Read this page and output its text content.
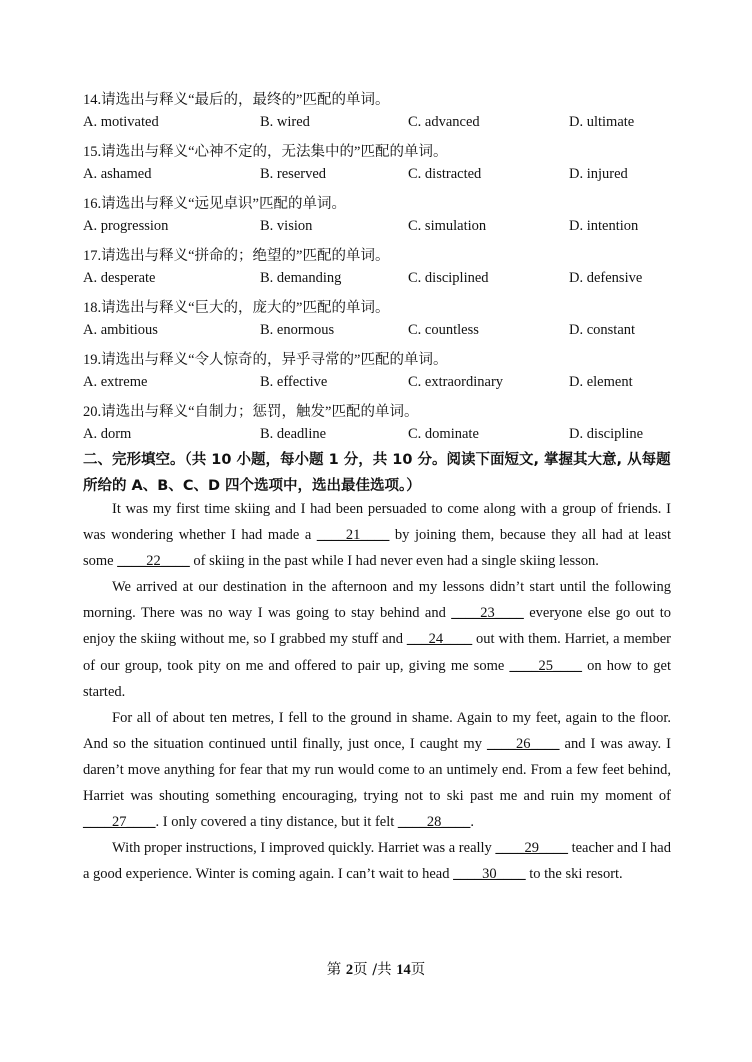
14.请选出与释义“最后的，最终的”匹配的单词。
A. motivated	B. wired	C. advanced	D. ultimate
15.请选出与释义“心神不定的，无法集中的”匹配的单词。
A. ashamed	B. reserved	C. distracted	D. injured
16.请选出与释义“远见卓识”匹配的单词。
A. progression	B. vision	C. simulation	D. intention
17.请选出与释义“拼命的；绝望的”匹配的单词。
A. desperate	B. demanding	C. disciplined	D. defensive
18.请选出与释义“巨大的，庞大的”匹配的单词。
A. ambitious	B. enormous	C. countless	D. constant
19.请选出与释义“令人惊奇的，异乎寻常的”匹配的单词。
A. extreme	B. effective	C. extraordinary	D. element
20.请选出与释义“自制力；惩罚，触发”匹配的单词。
A. dorm	B. deadline	C. dominate	D. discipline
二、完形填空。（共 10 小题，每小题 1 分，共 10 分。阅读下面短文, 掌握其大意, 从每题所给的 A、B、C、D 四个选项中，选出最佳选项。）

It was my first time skiing and I had been persuaded to come along with a group of friends. I was wondering whether I had made a ____21____ by joining them, because they all had at least some ____22____ of skiing in the past while I had never even had a single skiing lesson.

We arrived at our destination in the afternoon and my lessons didn’t start until the following morning. There was no way I was going to stay behind and ____23____ everyone else go out to enjoy the skiing without me, so I grabbed my stuff and ___24____ out with them. Harriet, a member of our group, took pity on me and offered to pair up, giving me some ____25____ on how to get started.

For all of about ten metres, I fell to the ground in shame. Again to my feet, again to the floor. And so the situation continued until finally, just once, I caught my ____26____ and I was away. I daren’t move anything for fear that my run would come to an untimely end. From a few feet behind, Harriet was shouting something encouraging, trying not to ski past me and ruin my moment of ____27____. I only covered a tiny distance, but it felt ____28____.

With proper instructions, I improved quickly. Harriet was a really ____29____ teacher and I had a good experience. Winter is coming again. I can’t wait to head ____30____ to the ski resort.

第 2页 /共 14页
